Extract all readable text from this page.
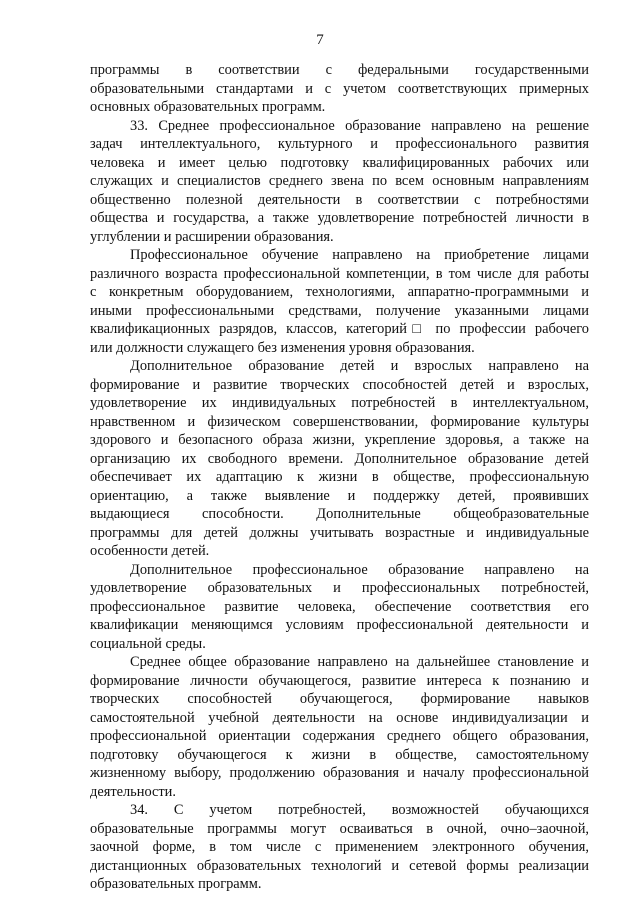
7
программы в соответствии с федеральными государственными
образовательными стандартами и с учетом соответствующих примерных
основных образовательных программ.
33. Среднее профессиональное образование направлено на решение
задач интеллектуального, культурного и профессионального развития
человека и имеет целью подготовку квалифицированных рабочих или
служащих и специалистов среднего звена по всем основным направлениям
общественно полезной деятельности в соответствии с потребностями
общества и государства, а также удовлетворение потребностей личности в
углублении и расширении образования.
Профессиональное обучение направлено на приобретение лицами
различного возраста профессиональной компетенции, в том числе для работы
с конкретным оборудованием, технологиями, аппаратно-программными и
иными профессиональными средствами, получение указанными лицами
квалификационных разрядов, классов, категорий□ по профессии рабочего
или должности служащего без изменения уровня образования.
Дополнительное образование детей и взрослых направлено на
формирование и развитие творческих способностей детей и взрослых,
удовлетворение их индивидуальных потребностей в интеллектуальном,
нравственном и физическом совершенствовании, формирование культуры
здорового и безопасного образа жизни, укрепление здоровья, а также на
организацию их свободного времени. Дополнительное образование детей
обеспечивает их адаптацию к жизни в обществе, профессиональную
ориентацию, а также выявление и поддержку детей, проявивших
выдающиеся способности. Дополнительные общеобразовательные
программы для детей должны учитывать возрастные и индивидуальные
особенности детей.
Дополнительное профессиональное образование направлено на
удовлетворение образовательных и профессиональных потребностей,
профессиональное развитие человека, обеспечение соответствия его
квалификации меняющимся условиям профессиональной деятельности и
социальной среды.
Среднее общее образование направлено на дальнейшее становление и
формирование личности обучающегося, развитие интереса к познанию и
творческих способностей обучающегося, формирование навыков
самостоятельной учебной деятельности на основе индивидуализации и
профессиональной ориентации содержания среднего общего образования,
подготовку обучающегося к жизни в обществе, самостоятельному
жизненному выбору, продолжению образования и началу профессиональной
деятельности.
34. С учетом потребностей, возможностей обучающихся
образовательные программы могут осваиваться в очной, очно–заочной,
заочной форме, в том числе с применением электронного обучения,
дистанционных образовательных технологий и сетевой формы реализации
образовательных программ.
